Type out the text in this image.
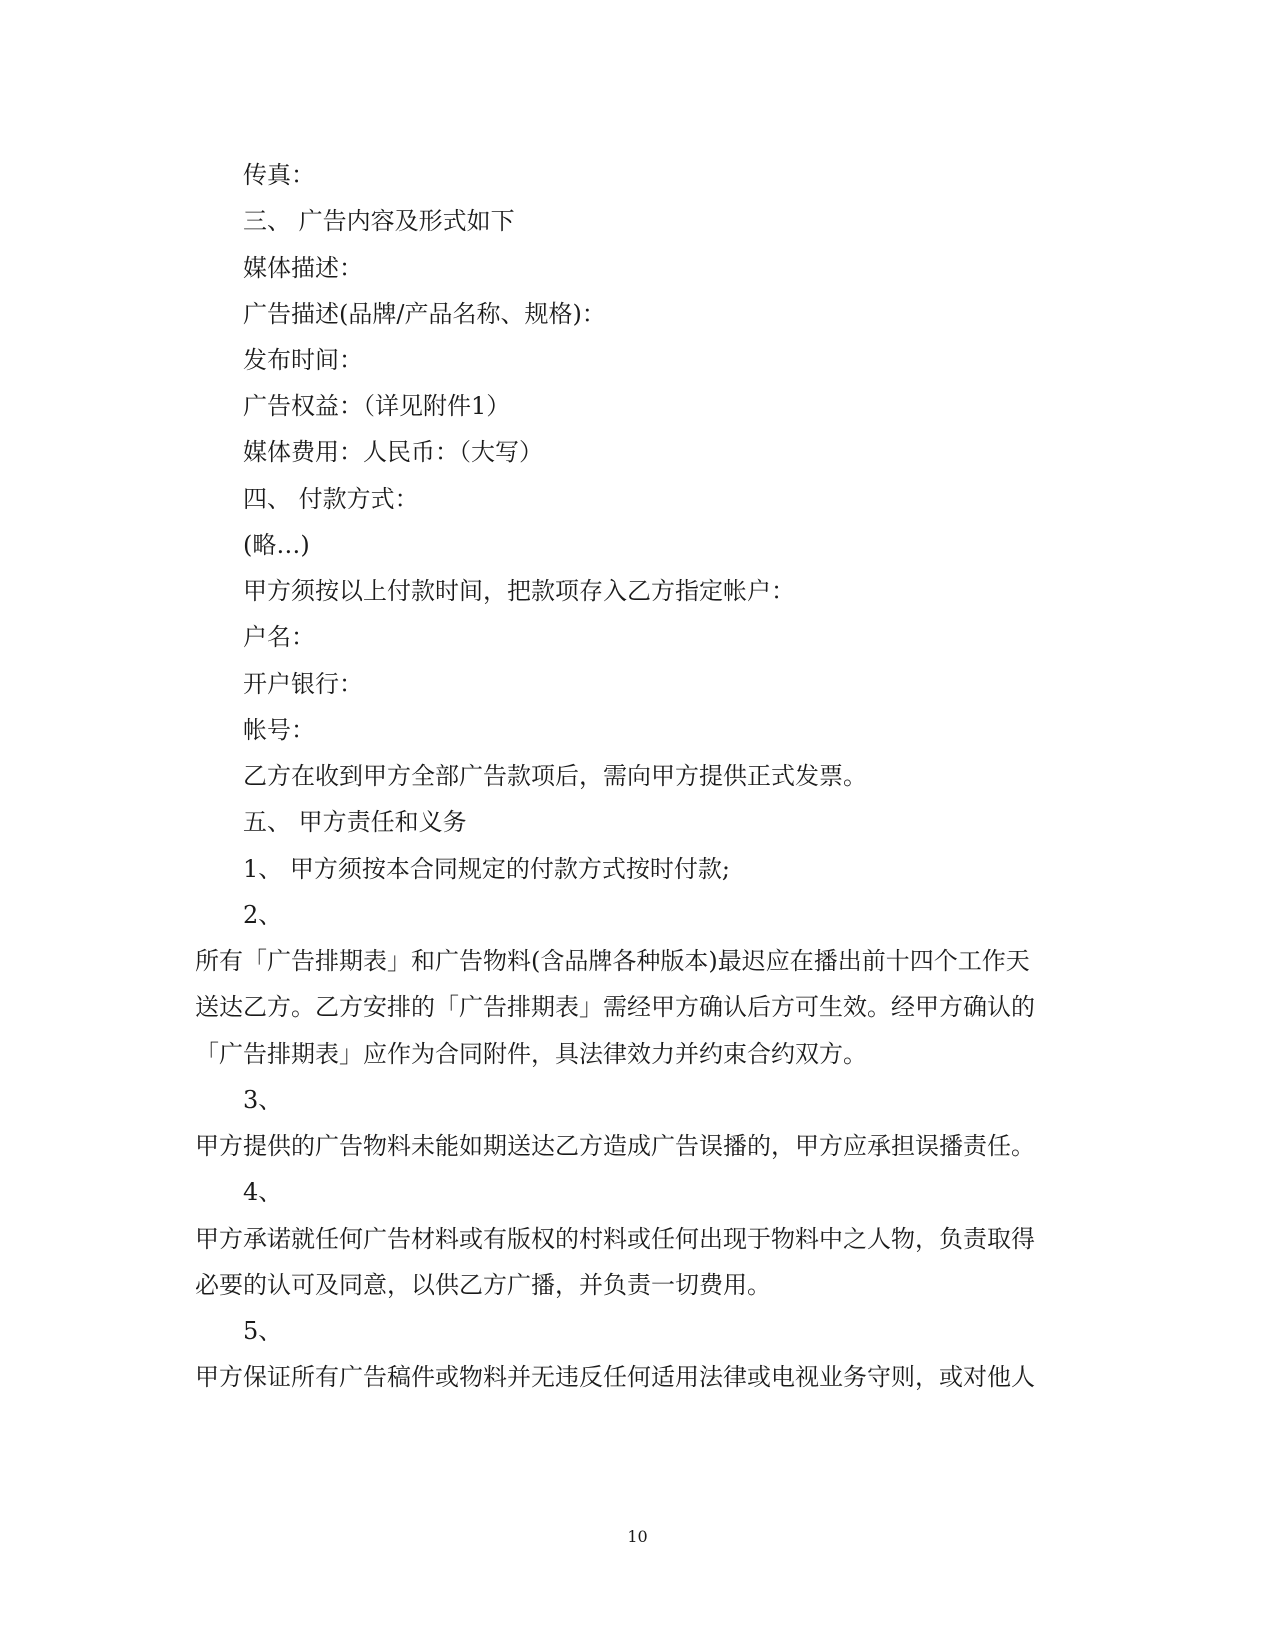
传真：
三、 广告内容及形式如下
媒体描述：
广告描述(品牌/产品名称、规格)：
发布时间：
广告权益：（详见附件1）
媒体费用：人民币：（大写）
四、 付款方式：
(略…)
甲方须按以上付款时间，把款项存入乙方指定帐户：
户名：
开户银行：
帐号：
乙方在收到甲方全部广告款项后，需向甲方提供正式发票。
五、 甲方责任和义务
1、 甲方须按本合同规定的付款方式按时付款;
2、
所有「广告排期表」和广告物料(含品牌各种版本)最迟应在播出前十四个工作天
送达乙方。乙方安排的「广告排期表」需经甲方确认后方可生效。经甲方确认的
「广告排期表」应作为合同附件，具法律效力并约束合约双方。
3、
甲方提供的广告物料未能如期送达乙方造成广告误播的，甲方应承担误播责任。
4、
甲方承诺就任何广告材料或有版权的村料或任何出现于物料中之人物，负责取得
必要的认可及同意，以供乙方广播，并负责一切费用。
5、
甲方保证所有广告稿件或物料并无违反任何适用法律或电视业务守则，或对他人
10
